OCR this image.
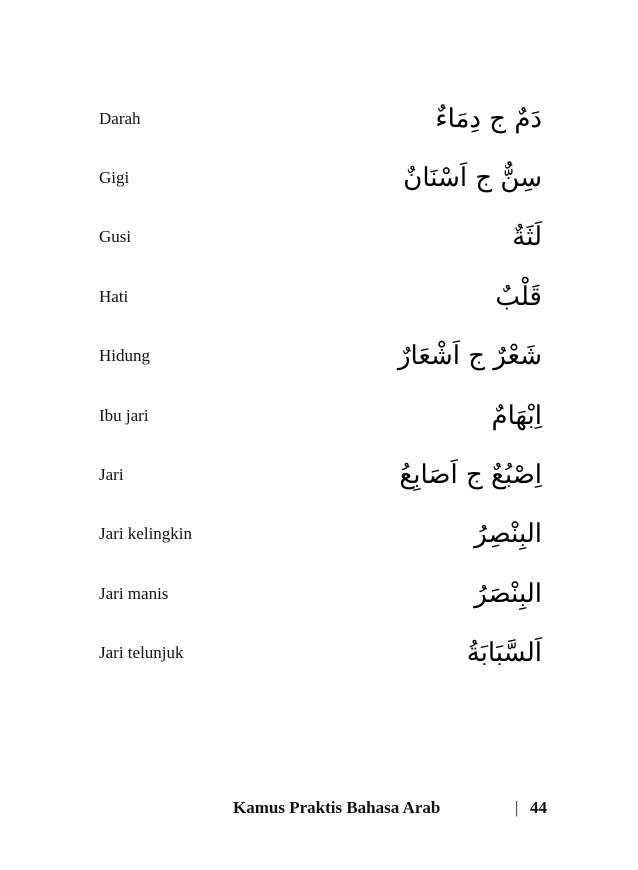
Darah	دَمٌ ج دِمَاءٌ
Gigi	سِنٌّ ج اَسْنَانٌ
Gusi	لَثَةٌ
Hati	قَلْبٌ
Hidung	شَعْرٌ ج اَشْعَارٌ
Ibu jari	اِبْهَامٌ
Jari	اِصْبُعٌ ج اَصَابِعُ
Jari kelingkin	البِنْصِرُ
Jari manis	البِنْصَرُ
Jari telunjuk	اَلسَّبَابَةُ
Kamus Praktis Bahasa Arab	| 44
